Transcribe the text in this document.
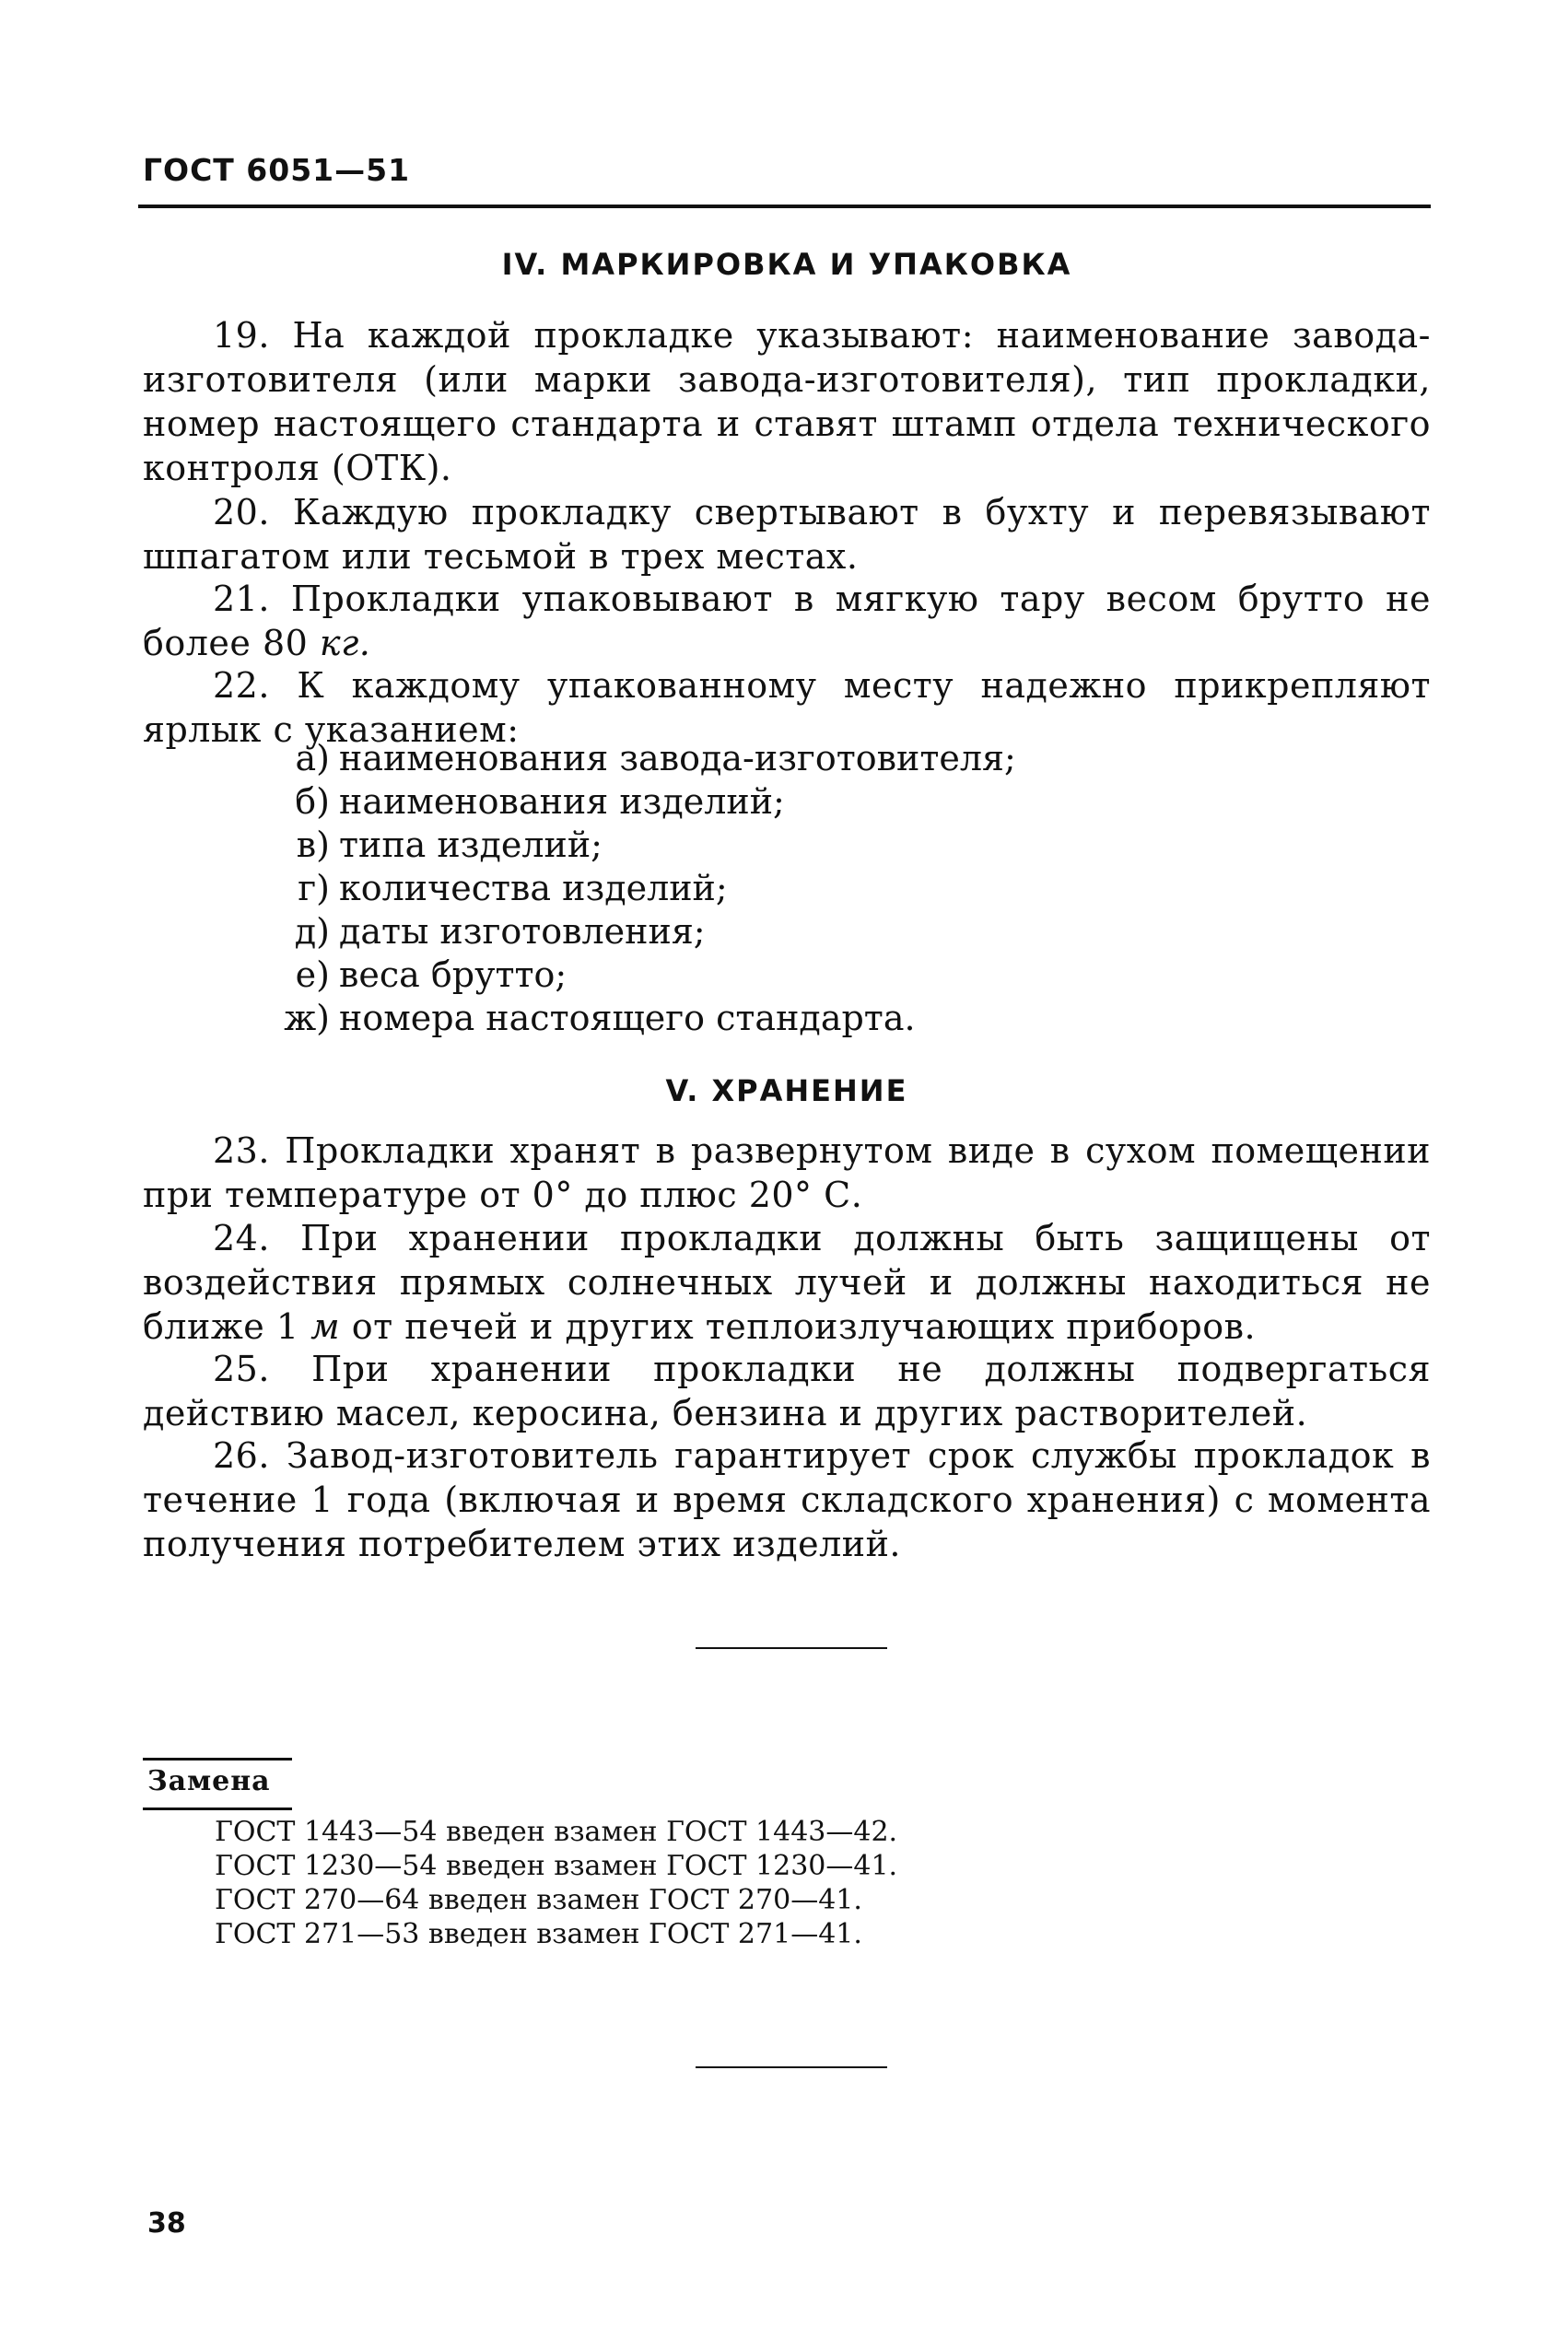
ГОСТ 6051—51
IV. МАРКИРОВКА И УПАКОВКА

19. На каждой прокладке указывают: наименование завода-изготовителя (или марки завода-изготовителя), тип прокладки, номер настоящего стандарта и ставят штамп отдела технического контроля (ОТК).

20. Каждую прокладку свертывают в бухту и перевязывают шпагатом или тесьмой в трех местах.

21. Прокладки упаковывают в мягкую тару весом брутто не более 80 кг.

22. К каждому упакованному месту надежно прикрепляют ярлык с указанием:

а) наименования завода-изготовителя;
б) наименования изделий;
в) типа изделий;
г) количества изделий;
д) даты изготовления;
е) веса брутто;
ж) номера настоящего стандарта.
V. ХРАНЕНИЕ

23. Прокладки хранят в развернутом виде в сухом помещении при температуре от 0° до плюс 20° С.

24. При хранении прокладки должны быть защищены от воздействия прямых солнечных лучей и должны находиться не ближе 1 м от печей и других теплоизлучающих приборов.

25. При хранении прокладки не должны подвергаться действию масел, керосина, бензина и других растворителей.

26. Завод-изготовитель гарантирует срок службы прокладок в течение 1 года (включая и время складского хранения) с момента получения потребителем этих изделий.

Замена
ГОСТ 1443—54 введен взамен ГОСТ 1443—42.
ГОСТ 1230—54 введен взамен ГОСТ 1230—41.
ГОСТ 270—64 введен взамен ГОСТ 270—41.
ГОСТ 271—53 введен взамен ГОСТ 271—41.
38
